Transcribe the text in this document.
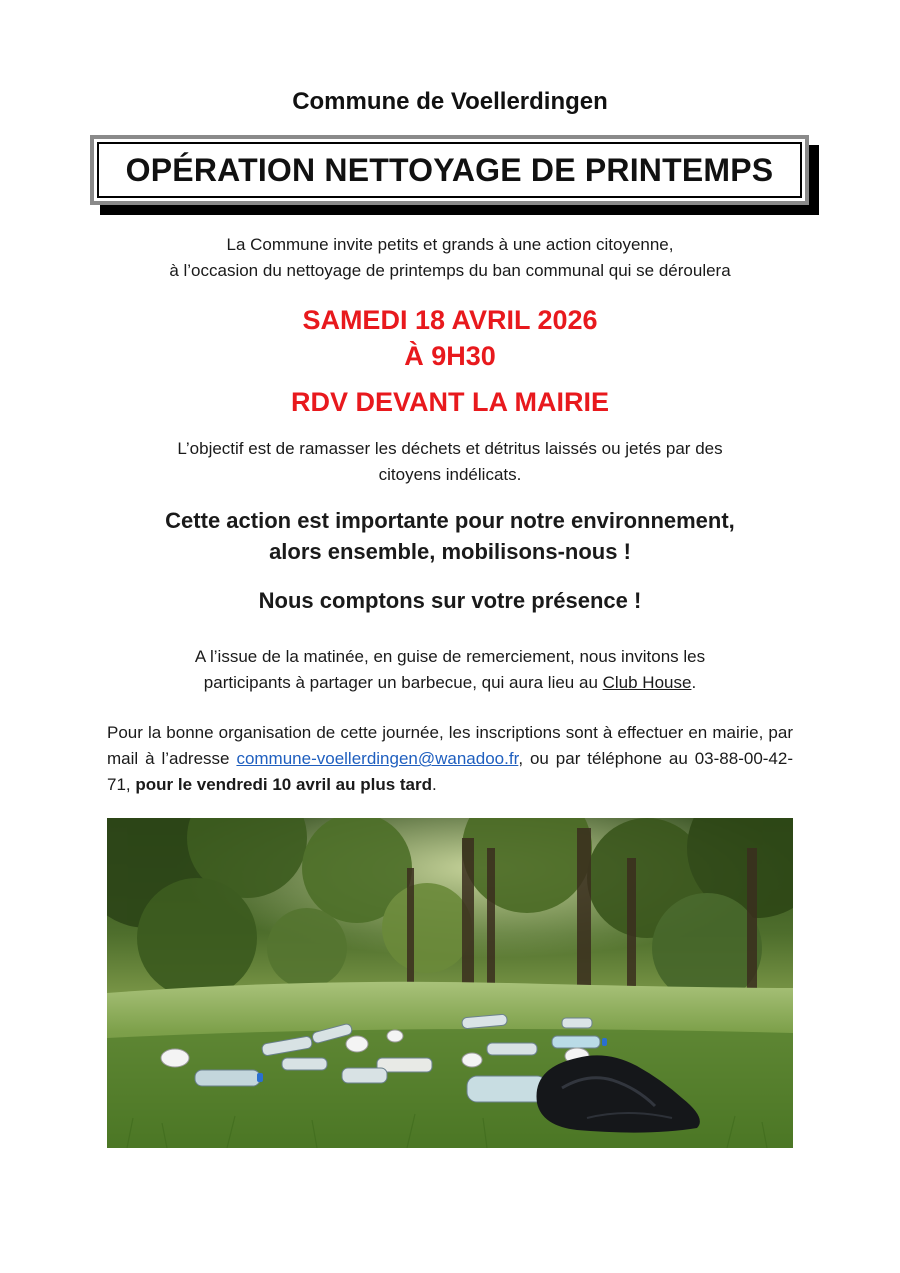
Commune de Voellerdingen
OPÉRATION NETTOYAGE DE PRINTEMPS
La Commune invite petits et grands à une action citoyenne,
à l’occasion du nettoyage de printemps du ban communal qui se déroulera
SAMEDI 18 AVRIL 2026
À 9H30
RDV DEVANT LA MAIRIE
L’objectif est de ramasser les déchets et détritus laissés ou jetés par des
citoyens indélicats.
Cette action est importante pour notre environnement,
alors ensemble, mobilisons-nous !
Nous comptons sur votre présence !
A l’issue de la matinée, en guise de remerciement, nous invitons les
participants à partager un barbecue, qui aura lieu au Club House.
Pour la bonne organisation de cette journée, les inscriptions sont à effectuer en mairie, par mail à l’adresse commune-voellerdingen@wanadoo.fr, ou par téléphone au 03-88-00-42-71, pour le vendredi 10 avril au plus tard.
